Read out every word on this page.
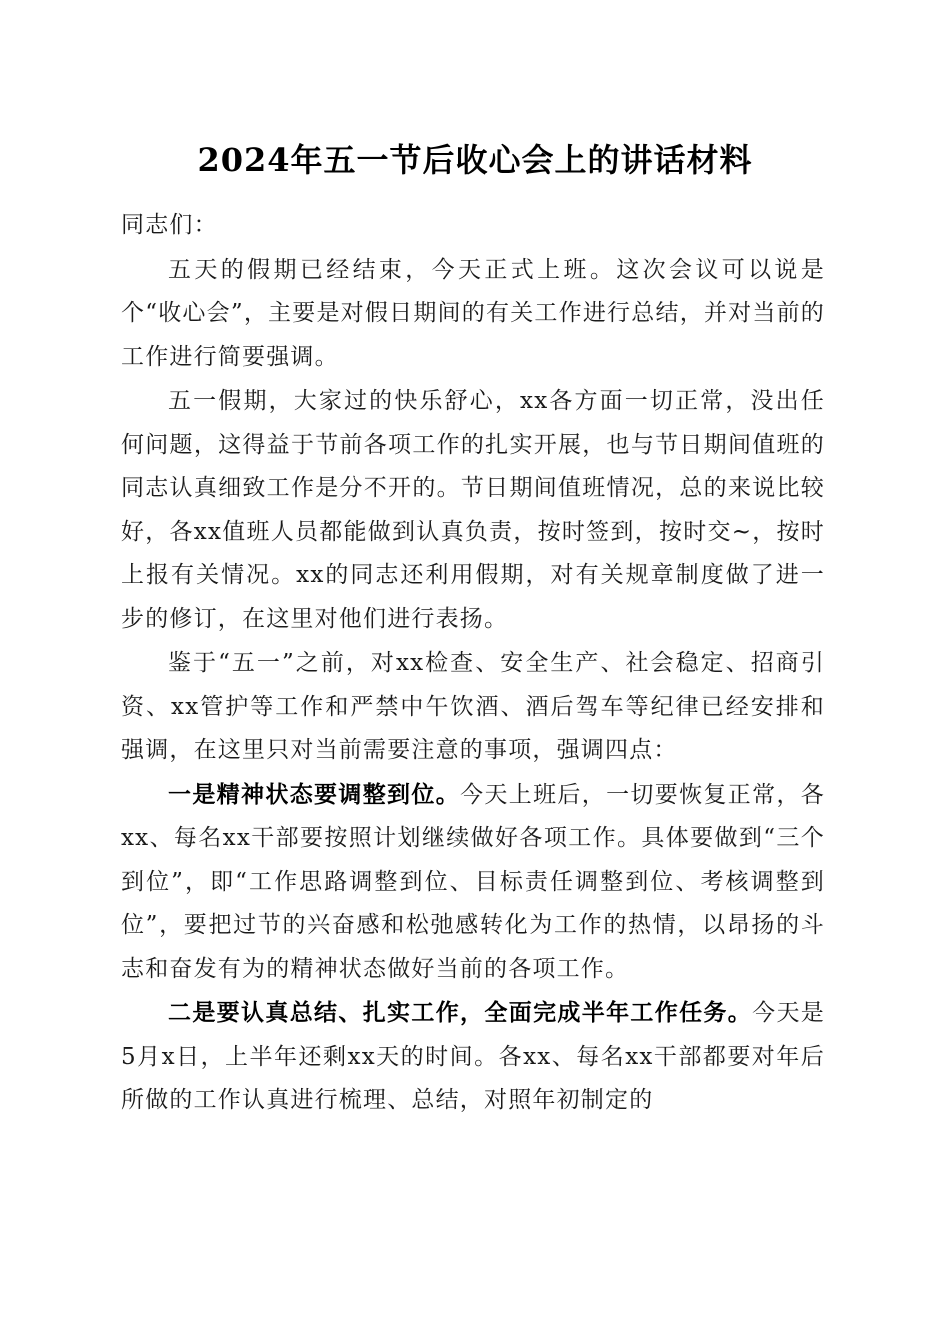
2024年五一节后收心会上的讲话材料

同志们：

五天的假期已经结束，今天正式上班。这次会议可以说是个“收心会”，主要是对假日期间的有关工作进行总结，并对当前的工作进行简要强调。

五一假期，大家过的快乐舒心，xx各方面一切正常，没出任何问题，这得益于节前各项工作的扎实开展，也与节日期间值班的同志认真细致工作是分不开的。节日期间值班情况，总的来说比较好，各xx值班人员都能做到认真负责，按时签到，按时交~，按时上报有关情况。xx的同志还利用假期，对有关规章制度做了进一步的修订，在这里对他们进行表扬。

鉴于“五一”之前，对xx检查、安全生产、社会稳定、招商引资、xx管护等工作和严禁中午饮酒、酒后驾车等纪律已经安排和强调，在这里只对当前需要注意的事项，强调四点：

一是精神状态要调整到位。今天上班后，一切要恢复正常，各xx、每名xx干部要按照计划继续做好各项工作。具体要做到“三个到位”，即“工作思路调整到位、目标责任调整到位、考核调整到位”，要把过节的兴奋感和松弛感转化为工作的热情，以昂扬的斗志和奋发有为的精神状态做好当前的各项工作。

二是要认真总结、扎实工作，全面完成半年工作任务。今天是5月x日，上半年还剩xx天的时间。各xx、每名xx干部都要对年后所做的工作认真进行梳理、总结，对照年初制定的
